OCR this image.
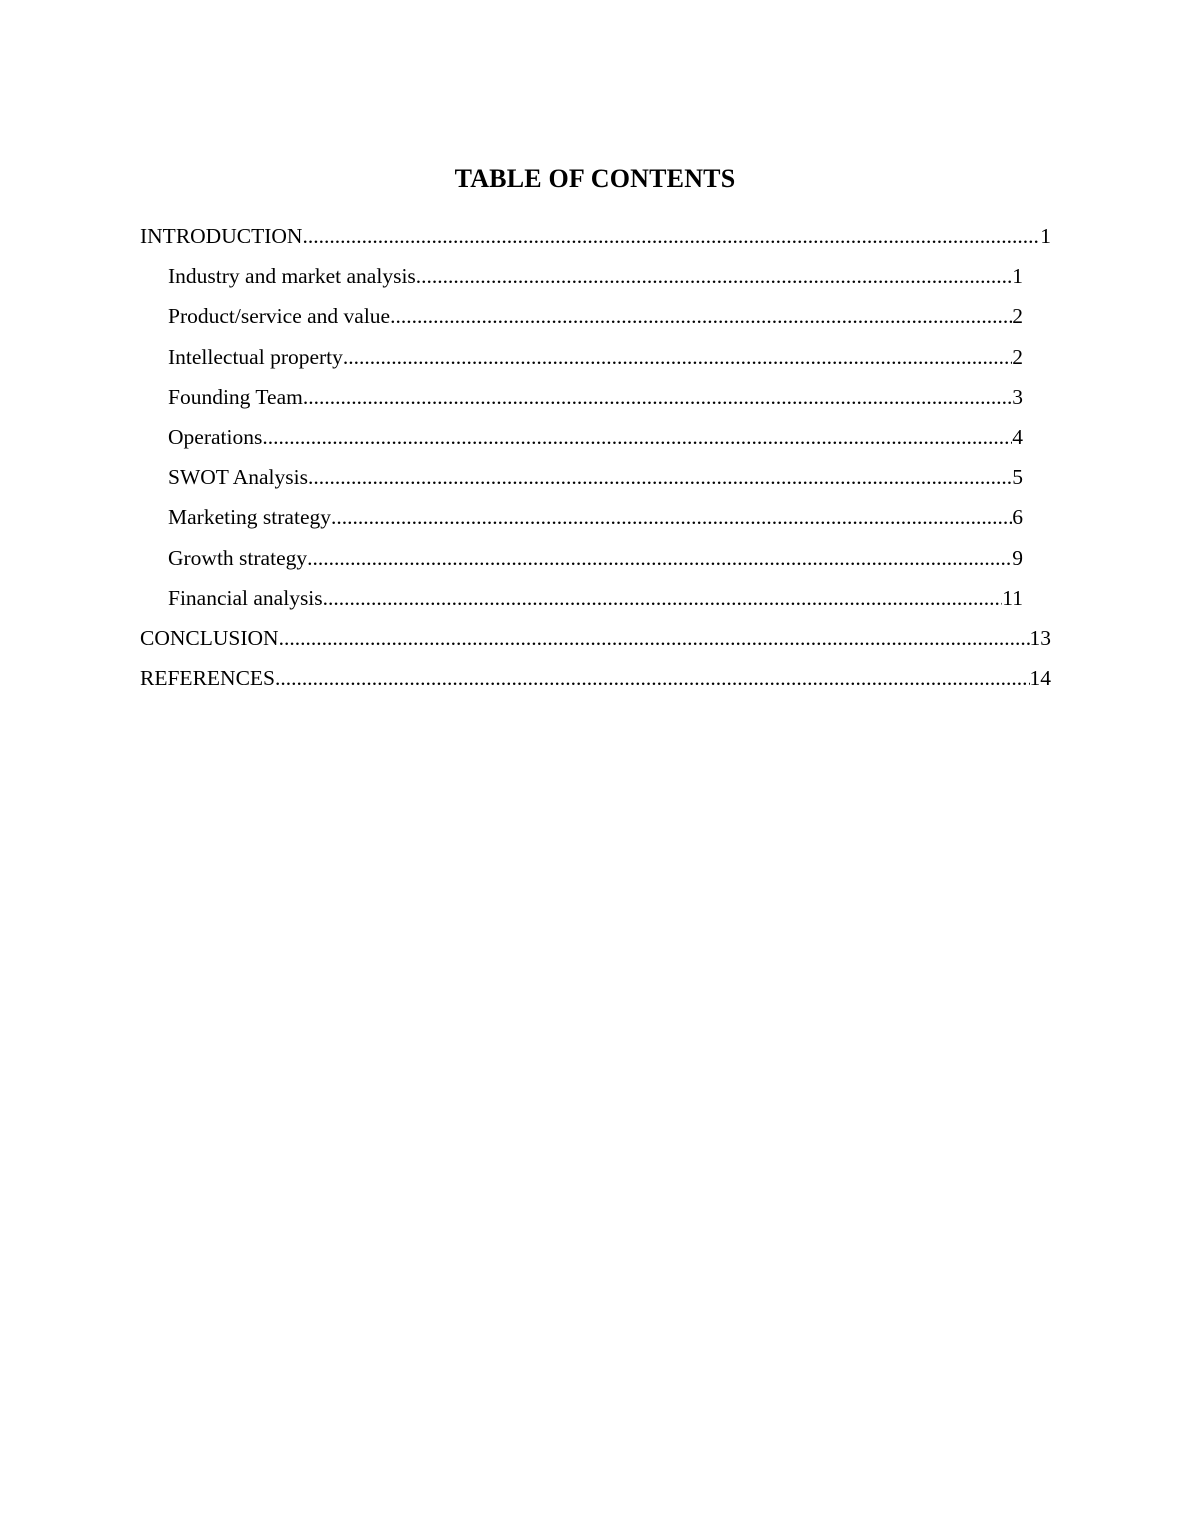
TABLE OF CONTENTS
INTRODUCTION .....	1
Industry and market analysis .....	1
Product/service and value .....	2
Intellectual property .....	2
Founding Team .....	3
Operations .....	4
SWOT Analysis .....	5
Marketing strategy .....	6
Growth strategy .....	9
Financial analysis .....	11
CONCLUSION .....	13
REFERENCES .....	14
